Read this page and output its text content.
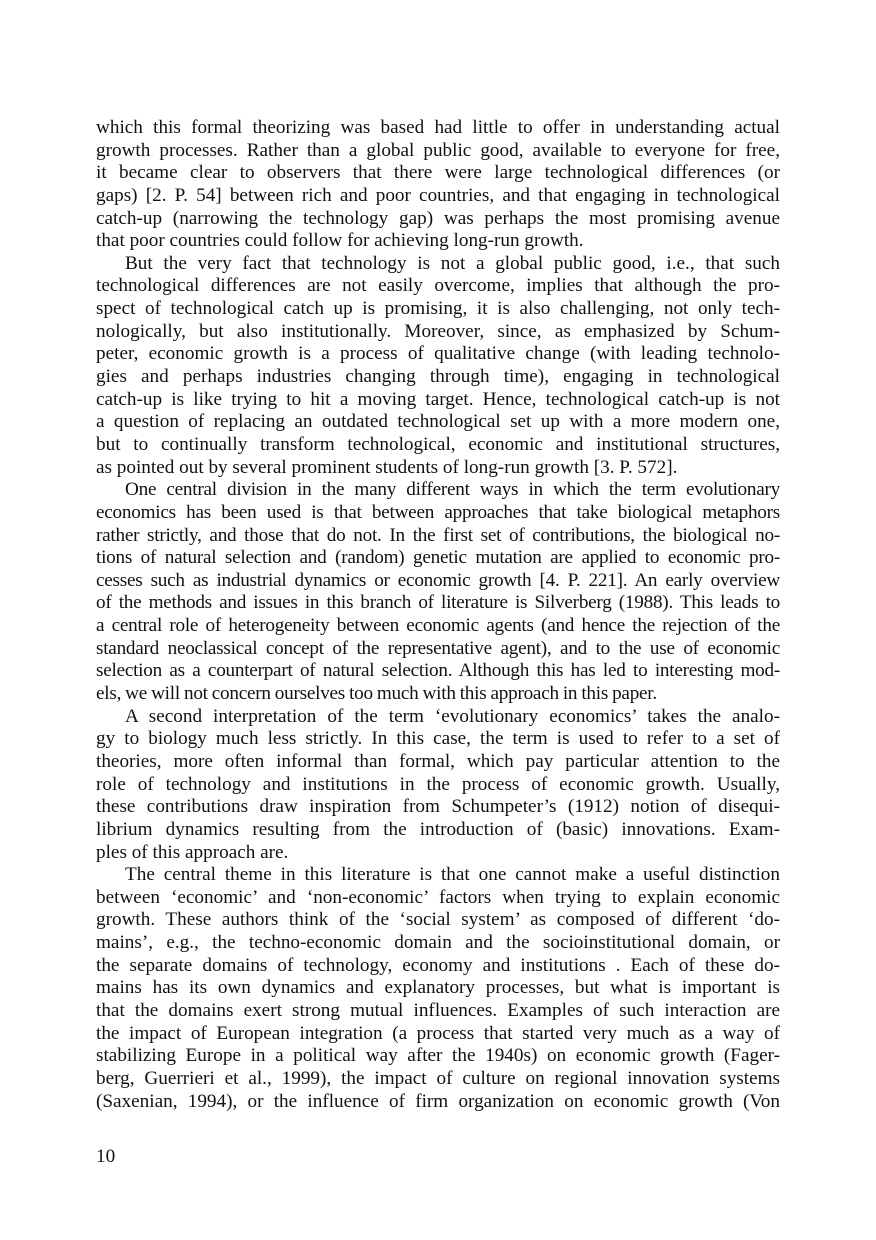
which this formal theorizing was based had little to offer in understanding actual
growth processes. Rather than a global public good, available to everyone for free,
it became clear to observers that there were large technological differences (or
gaps) [2. P. 54] between rich and poor countries, and that engaging in technological
catch-up (narrowing the technology gap) was perhaps the most promising avenue
that poor countries could follow for achieving long-run growth.
But the very fact that technology is not a global public good, i.e., that such
technological differences are not easily overcome, implies that although the pro-
spect of technological catch up is promising, it is also challenging, not only tech-
nologically, but also institutionally. Moreover, since, as emphasized by Schum-
peter, economic growth is a process of qualitative change (with leading technolo-
gies and perhaps industries changing through time), engaging in technological
catch-up is like trying to hit a moving target. Hence, technological catch-up is not
a question of replacing an outdated technological set up with a more modern one,
but to continually transform technological, economic and institutional structures,
as pointed out by several prominent students of long-run growth [3. P. 572].
One central division in the many different ways in which the term evolutionary
economics has been used is that between approaches that take biological metaphors
rather strictly, and those that do not. In the first set of contributions, the biological no-
tions of natural selection and (random) genetic mutation are applied to economic pro-
cesses such as industrial dynamics or economic growth [4. P. 221]. An early overview
of the methods and issues in this branch of literature is Silverberg (1988). This leads to
a central role of heterogeneity between economic agents (and hence the rejection of the
standard neoclassical concept of the representative agent), and to the use of economic
selection as a counterpart of natural selection. Although this has led to interesting mod-
els, we will not concern ourselves too much with this approach in this paper.
A second interpretation of the term ‘evolutionary economics’ takes the analo-
gy to biology much less strictly. In this case, the term is used to refer to a set of
theories, more often informal than formal, which pay particular attention to the
role of technology and institutions in the process of economic growth. Usually,
these contributions draw inspiration from Schumpeter’s (1912) notion of disequi-
librium dynamics resulting from the introduction of (basic) innovations. Exam-
ples of this approach are.
The central theme in this literature is that one cannot make a useful distinction
between ‘economic’ and ‘non-economic’ factors when trying to explain economic
growth. These authors think of the ‘social system’ as composed of different ‘do-
mains’, e.g., the techno-economic domain and the socioinstitutional domain, or
the separate domains of technology, economy and institutions . Each of these do-
mains has its own dynamics and explanatory processes, but what is important is
that the domains exert strong mutual influences. Examples of such interaction are
the impact of European integration (a process that started very much as a way of
stabilizing Europe in a political way after the 1940s) on economic growth (Fager-
berg, Guerrieri et al., 1999), the impact of culture on regional innovation systems
(Saxenian, 1994), or the influence of firm organization on economic growth (Von
10
